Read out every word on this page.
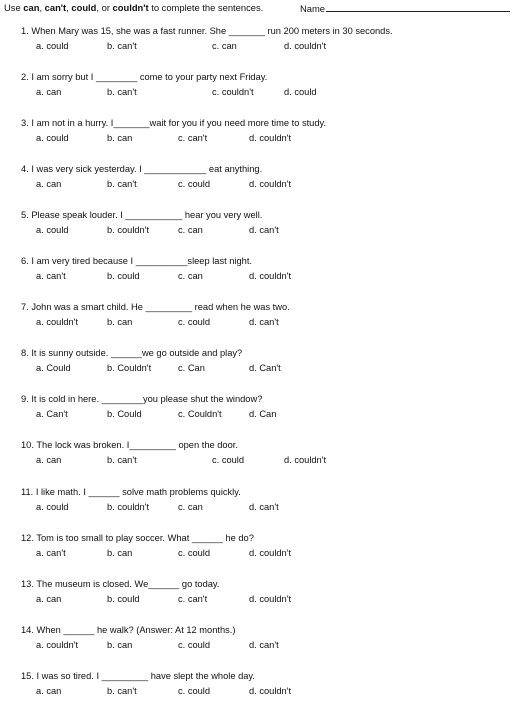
Use can, can't, could, or couldn't to complete the sentences.	Name
1. When Mary was 15, she was a fast runner. She _______ run 200 meters in 30 seconds.
a. could	b. can't	c. can	d. couldn't
2. I am sorry but I ________ come to your party next Friday.
a. can	b. can't	c. couldn't	d. could
3. I am not in a hurry. I_______wait for you if you need more time to study.
a. could	b. can	c. can't	d. couldn't
4. I was very sick yesterday. I ____________ eat anything.
a. can	b. can't	c. could	d. couldn't
5. Please speak louder. I ___________ hear you very well.
a. could	b. couldn't	c. can	d. can't
6. I am very tired because I __________sleep last night.
a. can't	b. could	c. can	d. couldn't
7. John was a smart child. He _________ read when he was two.
a. couldn't	b. can	c. could	d. can't
8. It is sunny outside. ______we go outside and play?
a. Could	b. Couldn't	c. Can	d. Can't
9. It is cold in here. ________you please shut the window?
a. Can't	b. Could	c. Couldn't	d. Can
10. The lock was broken. I_________ open the door.
a. can	b. can't	c. could	d. couldn't
11. I like math. I ______ solve math problems quickly.
a. could	b. couldn't	c. can	d. can't
12. Tom is too small to play soccer. What ______ he do?
a. can't	b. can	c. could	d. couldn't
13. The museum is closed. We______ go today.
a. can	b. could	c. can't	d. couldn't
14. When ______ he walk? (Answer: At 12 months.)
a. couldn't	b. can	c. could	d. can't
15. I was so tired. I _________ have slept the whole day.
a. can	b. can't	c. could	d. couldn't
